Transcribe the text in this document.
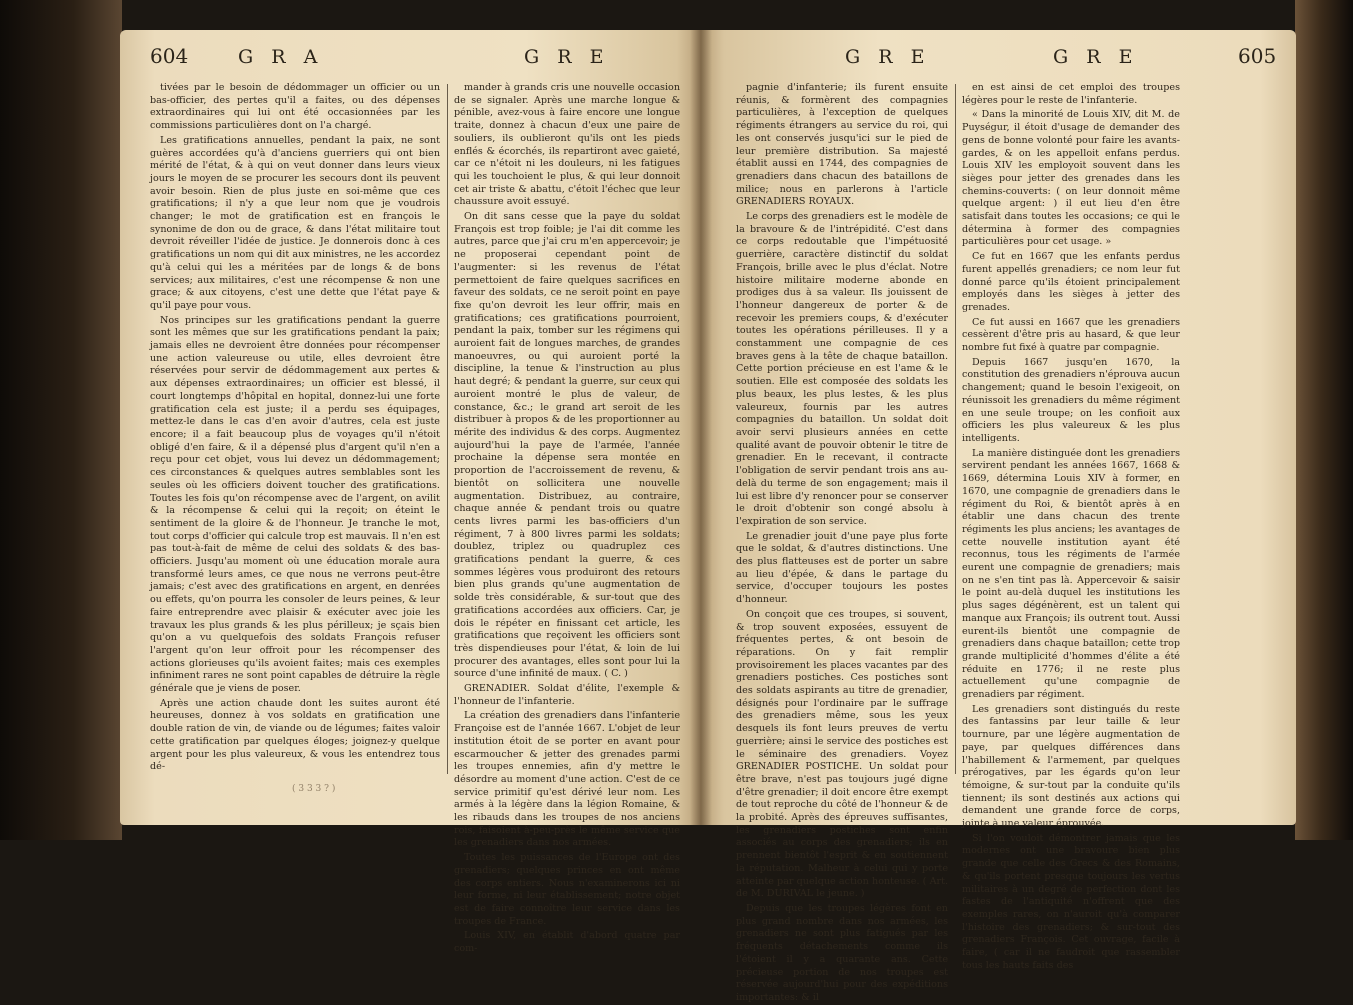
604	G R A	G R E	G R E	G R E	605

tivées par le besoin de dédommager un officier ou un bas-officier, des pertes qu'il a faites, ou des dépenses extraordinaires qui lui ont été occasionnées par les commissions particulières dont on l'a chargé.

Les gratifications annuelles, pendant la paix, ne sont guères accordées qu'à d'anciens guerriers qui ont bien mérité de l'état, & à qui on veut donner dans leurs vieux jours le moyen de se procurer les secours dont ils peuvent avoir besoin. Rien de plus juste en soi-même que ces gratifications; il n'y a que leur nom que je voudrois changer; le mot de gratification est en françois le synonime de don ou de grace, & dans l'état militaire tout devroit réveiller l'idée de justice. Je donnerois donc à ces gratifications un nom qui dit aux ministres, ne les accordez qu'à celui qui les a méritées par de longs & de bons services; aux militaires, c'est une récompense & non une grace; & aux citoyens, c'est une dette que l'état paye & qu'il paye pour vous.

Nos principes sur les gratifications pendant la guerre sont les mêmes que sur les gratifications pendant la paix; jamais elles ne devroient être données pour récompenser une action valeureuse ou utile, elles devroient être réservées pour servir de dédommagement aux pertes & aux dépenses extraordinaires; un officier est blessé, il court longtemps d'hôpital en hopital, donnez-lui une forte gratification cela est juste; il a perdu ses équipages, mettez-le dans le cas d'en avoir d'autres, cela est juste encore; il a fait beaucoup plus de voyages qu'il n'étoit obligé d'en faire, & il a dépensé plus d'argent qu'il n'en a reçu pour cet objet, vous lui devez un dédommagement; ces circonstances & quelques autres semblables sont les seules où les officiers doivent toucher des gratifications. Toutes les fois qu'on récompense avec de l'argent, on avilit & la récompense & celui qui la reçoit; on éteint le sentiment de la gloire & de l'honneur. Je tranche le mot, tout corps d'officier qui calcule trop est mauvais. Il n'en est pas tout-à-fait de même de celui des soldats & des bas-officiers. Jusqu'au moment où une éducation morale aura transformé leurs ames, ce que nous ne verrons peut-être jamais; c'est avec des gratifications en argent, en denrées ou effets, qu'on pourra les consoler de leurs peines, & leur faire entreprendre avec plaisir & exécuter avec joie les travaux les plus grands & les plus périlleux; je sçais bien qu'on a vu quelquefois des soldats François refuser l'argent qu'on leur offroit pour les récompenser des actions glorieuses qu'ils avoient faites; mais ces exemples infiniment rares ne sont point capables de détruire la règle générale que je viens de poser.

Après une action chaude dont les suites auront été heureuses, donnez à vos soldats en gratification une double ration de vin, de viande ou de légumes; faites valoir cette gratification par quelques éloges; joignez-y quelque argent pour les plus valeureux, & vous les entendrez tous dé-

mander à grands cris une nouvelle occasion de se signaler. Après une marche longue & pénible, avez-vous à faire encore une longue traite, donnez à chacun d'eux une paire de souliers, ils oublieront qu'ils ont les pieds enflés & écorchés, ils repartiront avec gaieté, car ce n'étoit ni les douleurs, ni les fatigues qui les touchoient le plus, & qui leur donnoit cet air triste & abattu, c'étoit l'échec que leur chaussure avoit essuyé.

On dit sans cesse que la paye du soldat François est trop foible; je l'ai dit comme les autres, parce que j'ai cru m'en appercevoir; je ne proposerai cependant point de l'augmenter: si les revenus de l'état permettoient de faire quelques sacrifices en faveur des soldats, ce ne seroit point en paye fixe qu'on devroit les leur offrir, mais en gratifications; ces gratifications pourroient, pendant la paix, tomber sur les régimens qui auroient fait de longues marches, de grandes manoeuvres, ou qui auroient porté la discipline, la tenue & l'instruction au plus haut degré; & pendant la guerre, sur ceux qui auroient montré le plus de valeur, de constance, &c.; le grand art seroit de les distribuer à propos & de les proportionner au mérite des individus & des corps. Augmentez aujourd'hui la paye de l'armée, l'année prochaine la dépense sera montée en proportion de l'accroissement de revenu, & bientôt on sollicitera une nouvelle augmentation. Distribuez, au contraire, chaque année & pendant trois ou quatre cents livres parmi les bas-officiers d'un régiment, 7 à 800 livres parmi les soldats; doublez, triplez ou quadruplez ces gratifications pendant la guerre, & ces sommes légères vous produiront des retours bien plus grands qu'une augmentation de solde très considérable, & sur-tout que des gratifications accordées aux officiers. Car, je dois le répéter en finissant cet article, les gratifications que reçoivent les officiers sont très dispendieuses pour l'état, & loin de lui procurer des avantages, elles sont pour lui la source d'une infinité de maux. ( C. )

GRENADIER. Soldat d'élite, l'exemple & l'honneur de l'infanterie.

La création des grenadiers dans l'infanterie Françoise est de l'année 1667. L'objet de leur institution étoit de se porter en avant pour escarmoucher & jetter des grenades parmi les troupes ennemies, afin d'y mettre le désordre au moment d'une action. C'est de ce service primitif qu'est dérivé leur nom. Les armés à la légère dans la légion Romaine, & les ribauds dans les troupes de nos anciens rois, faisoient à-peu-près le même service que les grenadiers dans nos armées.

Toutes les puissances de l'Europe ont des grenadiers; quelques princes en ont même des corps entiers. Nous n'examinerons ici ni leur forme, ni leur établissement; notre objet est de faire connoître leur service dans les troupes de France.

Louis XIV, en établit d'abord quatre par com-

( 3 3 3 ? )

pagnie d'infanterie; ils furent ensuite réunis, & formèrent des compagnies particulières, à l'exception de quelques régiments étrangers au service du roi, qui les ont conservés jusqu'ici sur le pied de leur première distribution. Sa majesté établit aussi en 1744, des compagnies de grenadiers dans chacun des bataillons de milice; nous en parlerons à l'article GRENADIERS ROYAUX.

Le corps des grenadiers est le modèle de la bravoure & de l'intrépidité. C'est dans ce corps redoutable que l'impétuosité guerrière, caractère distinctif du soldat François, brille avec le plus d'éclat. Notre histoire militaire moderne abonde en prodiges dus à sa valeur. Ils jouissent de l'honneur dangereux de porter & de recevoir les premiers coups, & d'exécuter toutes les opérations périlleuses. Il y a constamment une compagnie de ces braves gens à la tête de chaque bataillon. Cette portion précieuse en est l'ame & le soutien. Elle est composée des soldats les plus beaux, les plus lestes, & les plus valeureux, fournis par les autres compagnies du bataillon. Un soldat doit avoir servi plusieurs années en cette qualité avant de pouvoir obtenir le titre de grenadier. En le recevant, il contracte l'obligation de servir pendant trois ans au-delà du terme de son engagement; mais il lui est libre d'y renoncer pour se conserver le droit d'obtenir son congé absolu à l'expiration de son service.

Le grenadier jouit d'une paye plus forte que le soldat, & d'autres distinctions. Une des plus flatteuses est de porter un sabre au lieu d'épée, & dans le partage du service, d'occuper toujours les postes d'honneur.

On conçoit que ces troupes, si souvent, & trop souvent exposées, essuyent de fréquentes pertes, & ont besoin de réparations. On y fait remplir provisoirement les places vacantes par des grenadiers postiches. Ces postiches sont des soldats aspirants au titre de grenadier, désignés pour l'ordinaire par le suffrage des grenadiers même, sous les yeux desquels ils font leurs preuves de vertu guerrière; ainsi le service des postiches est le séminaire des grenadiers. Voyez GRENADIER POSTICHE. Un soldat pour être brave, n'est pas toujours jugé digne d'être grenadier; il doit encore être exempt de tout reproche du côté de l'honneur & de la probité. Après des épreuves suffisantes, les grenadiers postiches sont enfin associés au corps des grenadiers; ils en prennent bientôt l'esprit & en soutiennent la réputation. Malheur à celui qui y porte atteinte par quelque action honteuse. ( Art. de M. DURIVAL le jeune. )

Depuis que les troupes légères font en plus grand nombre dans nos armées, les grenadiers ne sont plus fatigués par les fréquents détachements comme ils l'étoient il y a quarante ans. Cette précieuse portion de nos troupes est réservée aujourd'hui pour des expéditions importantes: & il

en est ainsi de cet emploi des troupes légères pour le reste de l'infanterie.

« Dans la minorité de Louis XIV, dit M. de Puységur, il étoit d'usage de demander des gens de bonne volonté pour faire les avants-gardes, & on les appelloit enfans perdus. Louis XIV les employoit souvent dans les sièges pour jetter des grenades dans les chemins-couverts: ( on leur donnoit même quelque argent: ) il eut lieu d'en être satisfait dans toutes les occasions; ce qui le détermina à former des compagnies particulières pour cet usage. »

Ce fut en 1667 que les enfants perdus furent appellés grenadiers; ce nom leur fut donné parce qu'ils étoient principalement employés dans les sièges à jetter des grenades.

Ce fut aussi en 1667 que les grenadiers cessèrent d'être pris au hasard, & que leur nombre fut fixé à quatre par compagnie.

Depuis 1667 jusqu'en 1670, la constitution des grenadiers n'éprouva aucun changement; quand le besoin l'exigeoit, on réunissoit les grenadiers du même régiment en une seule troupe; on les confioit aux officiers les plus valeureux & les plus intelligents.

La manière distinguée dont les grenadiers servirent pendant les années 1667, 1668 & 1669, détermina Louis XIV à former, en 1670, une compagnie de grenadiers dans le régiment du Roi, & bientôt après à en établir une dans chacun des trente régiments les plus anciens; les avantages de cette nouvelle institution ayant été reconnus, tous les régiments de l'armée eurent une compagnie de grenadiers; mais on ne s'en tint pas là. Appercevoir & saisir le point au-delà duquel les institutions les plus sages dégénèrent, est un talent qui manque aux François; ils outrent tout. Aussi eurent-ils bientôt une compagnie de grenadiers dans chaque bataillon; cette trop grande multiplicité d'hommes d'élite a été réduite en 1776; il ne reste plus actuellement qu'une compagnie de grenadiers par régiment.

Les grenadiers sont distingués du reste des fantassins par leur taille & leur tournure, par une légère augmentation de paye, par quelques différences dans l'habillement & l'armement, par quelques prérogatives, par les égards qu'on leur témoigne, & sur-tout par la conduite qu'ils tiennent; ils sont destinés aux actions qui demandent une grande force de corps, jointe à une valeur éprouvée.

Si l'on vouloit démontrer jamais que les modernes ont une bravoure bien plus grande que celle des Grecs & des Romains, & qu'ils portent presque toujours les vertus militaires à un degré de perfection dont les fastes de l'antiquité n'offrent que des exemples rares, on n'auroit qu'à comparer l'histoire des grenadiers; & sur-tout des grenadiers François. Cet ouvrage, facile à faire, ( car il ne faudroit que rassembler tous les hauts faits des
